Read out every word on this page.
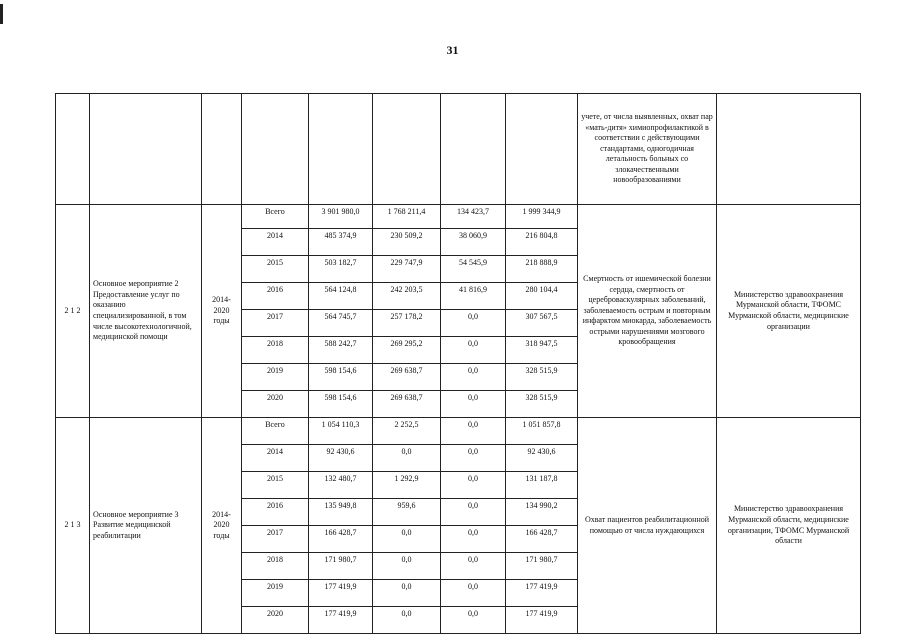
31
								учете, от числа выявленных, охват пар «мать-дитя» химиопрофилактикой в соответствии с действующими стандартами, одногодичная летальность больных со злокачественными новообразованиями	
2 1 2	Основное мероприятие 2 Предоставление услуг по оказанию специализированной, в том числе высокотехнологичной, медицинской помощи	2014-2020 годы	Всего	3 901 980,0	1 768 211,4	134 423,7	1 999 344,9	Смертность от ишемической болезни сердца, смертность от цереброваскулярных заболеваний, заболеваемость острым и повторным инфарктом миокарда, заболеваемость острыми нарушениями мозгового кровообращения	Министерство здравоохранения Мурманской области, ТФОМС Мурманской области, медицинские организации
			2014	485 374,9	230 509,2	38 060,9	216 804,8		
			2015	503 182,7	229 747,9	54 545,9	218 888,9		
			2016	564 124,8	242 203,5	41 816,9	280 104,4		
			2017	564 745,7	257 178,2	0,0	307 567,5		
			2018	588 242,7	269 295,2	0,0	318 947,5		
			2019	598 154,6	269 638,7	0,0	328 515,9		
			2020	598 154,6	269 638,7	0,0	328 515,9		
2 1 3	Основное мероприятие 3 Развитие медицинской реабилитации	2014-2020 годы	Всего	1 054 110,3	2 252,5	0,0	1 051 857,8	Охват пациентов реабилитационной помощью от числа нуждающихся	Министерство здравоохранения Мурманской области, медицинские организации, ТФОМС Мурманской области
			2014	92 430,6	0,0	0,0	92 430,6		
			2015	132 480,7	1 292,9	0,0	131 187,8		
			2016	135 949,8	959,6	0,0	134 990,2		
			2017	166 428,7	0,0	0,0	166 428,7		
			2018	171 980,7	0,0	0,0	171 980,7		
			2019	177 419,9	0,0	0,0	177 419,9		
			2020	177 419,9	0,0	0,0	177 419,9		
